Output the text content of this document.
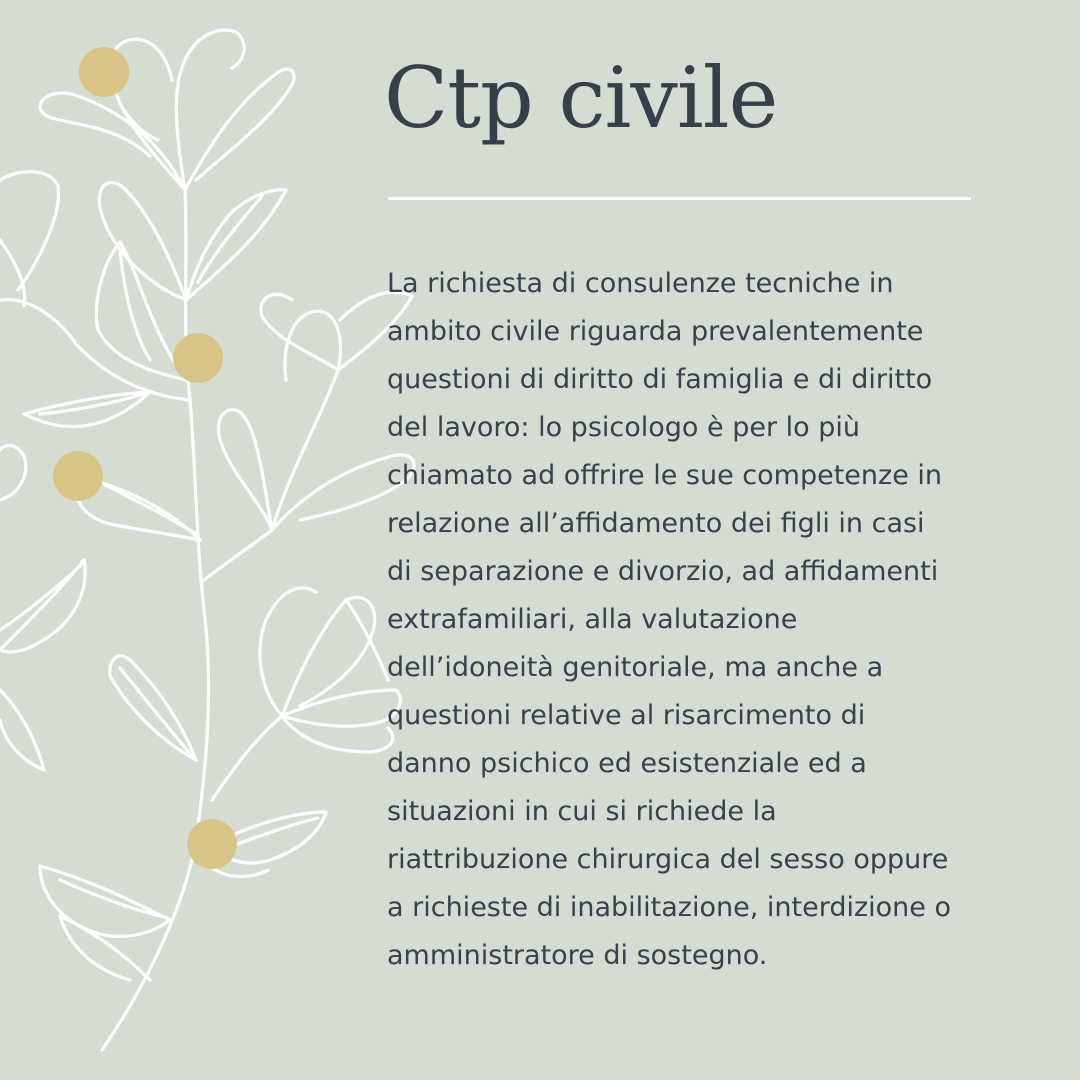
Ctp civile
La richiesta di consulenze tecniche in
ambito civile riguarda prevalentemente
questioni di diritto di famiglia e di diritto
del lavoro: lo psicologo è per lo più
chiamato ad offrire le sue competenze in
relazione all’affidamento dei figli in casi
di separazione e divorzio, ad affidamenti
extrafamiliari, alla valutazione
dell’idoneità genitoriale, ma anche a
questioni relative al risarcimento di
danno psichico ed esistenziale ed a
situazioni in cui si richiede la
riattribuzione chirurgica del sesso oppure
a richieste di inabilitazione, interdizione o
amministratore di sostegno.
